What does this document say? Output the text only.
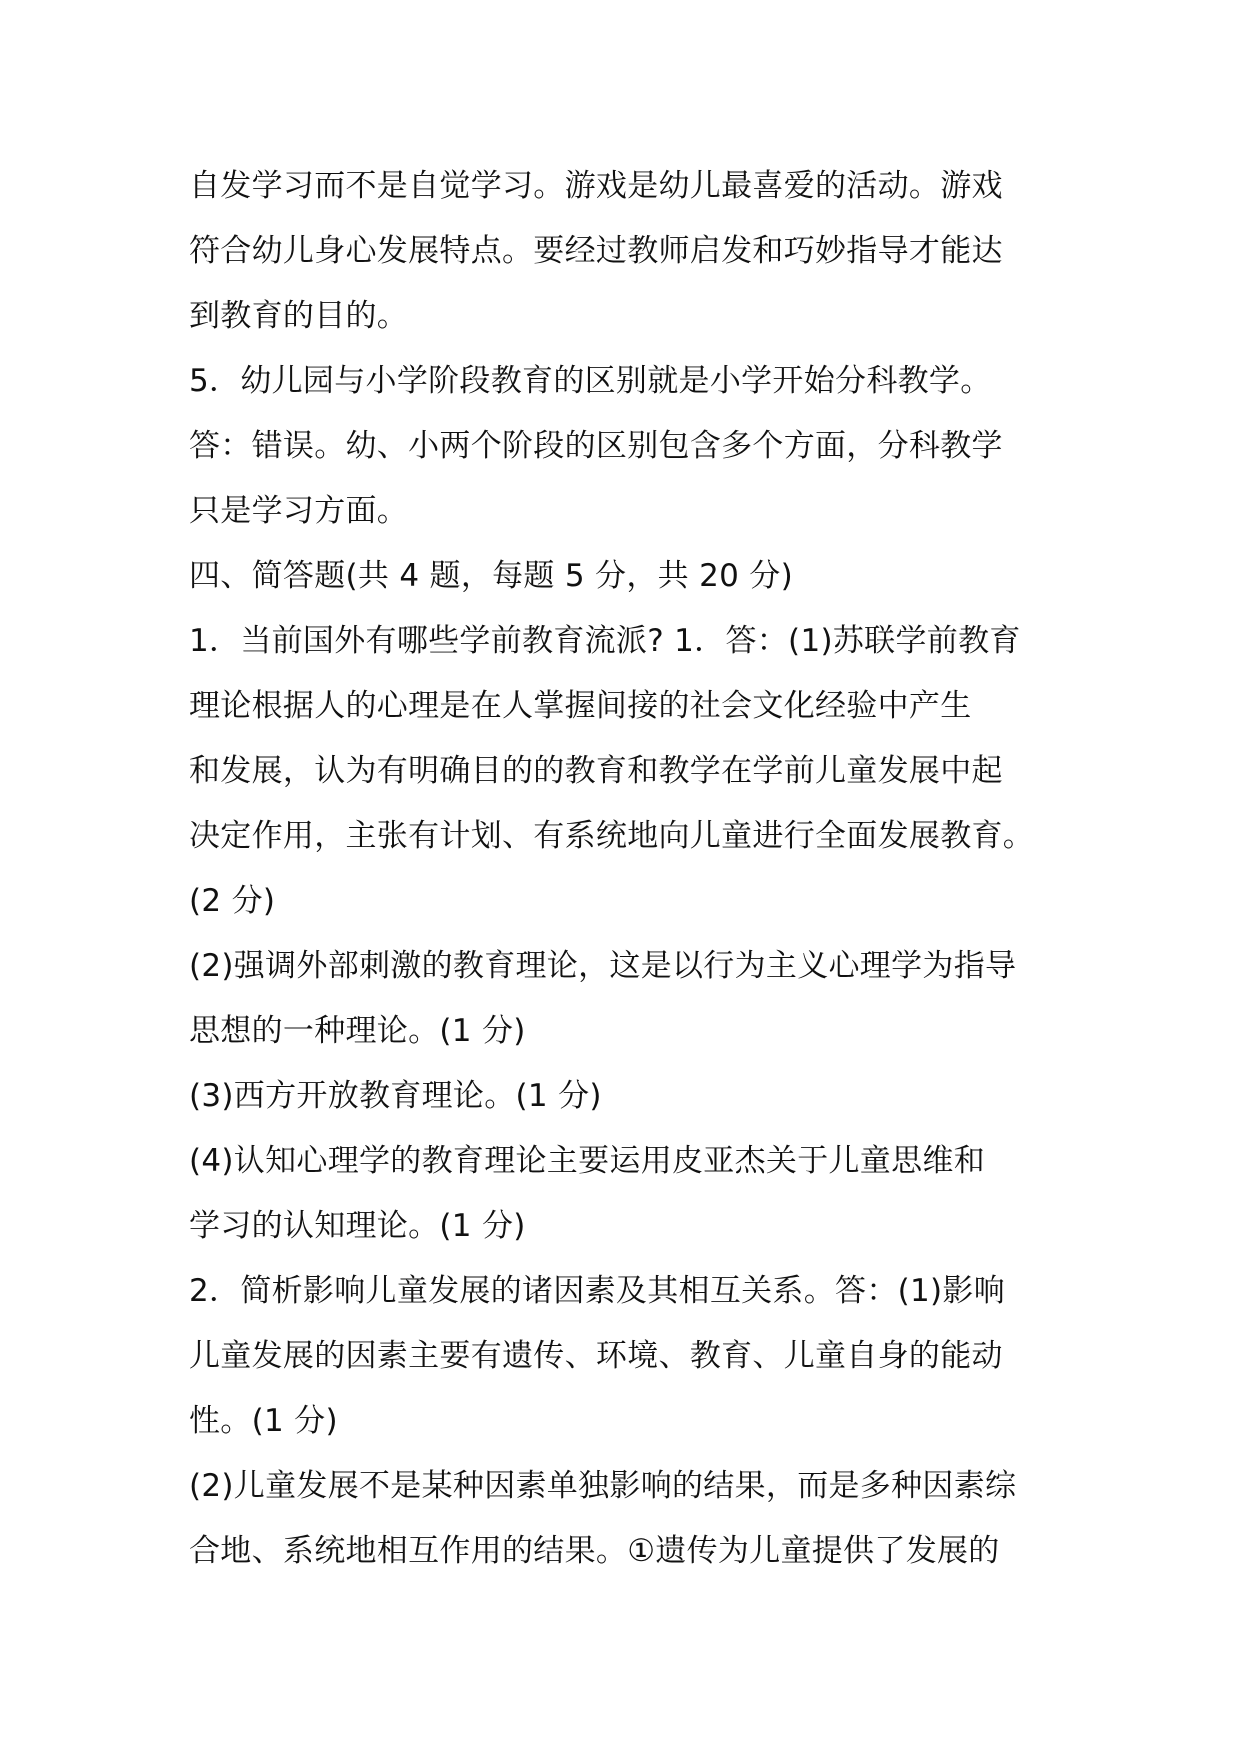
自发学习而不是自觉学习。游戏是幼儿最喜爱的活动。游戏
符合幼儿身心发展特点。要经过教师启发和巧妙指导才能达
到教育的目的。
5．幼儿园与小学阶段教育的区别就是小学开始分科教学。
答：错误。幼、小两个阶段的区别包含多个方面，分科教学
只是学习方面。
四、简答题(共 4 题，每题 5 分，共 20 分)
1．当前国外有哪些学前教育流派? 1．答：(1)苏联学前教育
理论根据人的心理是在人掌握间接的社会文化经验中产生
和发展，认为有明确目的的教育和教学在学前儿童发展中起
决定作用，主张有计划、有系统地向儿童进行全面发展教育。
(2 分)
(2)强调外部刺激的教育理论，这是以行为主义心理学为指导
思想的一种理论。(1 分)
(3)西方开放教育理论。(1 分)
(4)认知心理学的教育理论主要运用皮亚杰关于儿童思维和
学习的认知理论。(1 分)
2．简析影响儿童发展的诸因素及其相互关系。答：(1)影响
儿童发展的因素主要有遗传、环境、教育、儿童自身的能动
性。(1 分)
(2)儿童发展不是某种因素单独影响的结果，而是多种因素综
合地、系统地相互作用的结果。①遗传为儿童提供了发展的
